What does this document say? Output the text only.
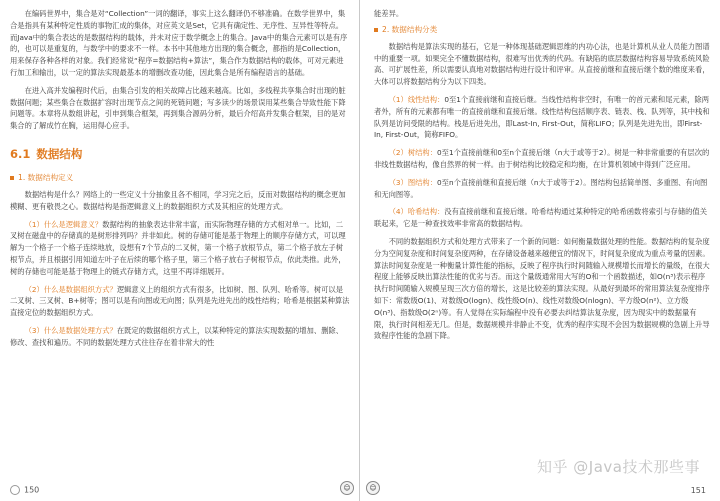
在编码世界中，集合是对“Collection”一词的翻译，事实上这么翻译仍不够准确。在数学世界中，集合是指具有某种特定性质的事物汇成的集体，对应英文是Set，它具有确定性、无序性、互异性等特点。而Java中的集合表达的是数据结构的载体，并未对应于数学概念上的集合。Java中的集合元素可以是有序的，也可以是重复的，与数学中的要求不一样。本书中其他地方出现的集合概念，都指的是Collection，用来保存各种各样的对象。我们经常说“程序=数据结构+算法”，集合作为数据结构的载体，可对元素进行加工和输出，以一定的算法实现最基本的增删改查功能，因此集合是所有编程语言的基础。

在进入高并发编程时代后，由集合引发的相关故障占比越来越高。比如，多线程共享集合时出现的脏数据问题；某些集合在数据扩容时出现节点之间的死链问题；写多读少的场景误用某些集合导致性能下降问题等。本章将从数组讲起，引申到集合框架，再到集合源码分析，最后介绍高并发集合框架，目的是对集合的了解成竹在胸，运用得心应手。

6.1 数据结构
1. 数据结构定义

数据结构是什么？网络上的一些定义十分抽象且各不相同，学习完之后，反而对数据结构的概念更加模糊、更有敬畏之心。数据结构是指逻辑意义上的数据组织方式及其相应的处理方式。

（1）什么是逻辑意义？数据结构的抽象表达非常丰富，而实际物理存储的方式相对单一。比如，二叉树在磁盘中的存储真的是树形排列吗？并非如此。树的存储可能是基于物理上的顺序存储方式，可以理解为一个格子一个格子连续地放，设想有7个节点的二叉树，第一个格子放根节点，第二个格子放左子树根节点，并且根据引用知道左叶子在后续的哪个格子里，第三个格子放右子树根节点，依此类推。此外，树的存储也可能是基于物理上的链式存储方式，这里不再详细展开。

（2）什么是数据组织方式？逻辑意义上的组织方式有很多，比如树、图、队列、哈希等。树可以是二叉树、三叉树、B+树等；图可以是有向图或无向图；队列是先进先出的线性结构；哈希是根据某种算法直接定位的数据组织方式。

（3）什么是数据处理方式？在既定的数据组织方式上，以某种特定的算法实现数据的增加、删除、修改、查找和遍历。不同的数据处理方式往往存在着非常大的性

能差异。

2. 数据结构分类

数据结构是算法实现的基石，它是一种体现基础逻辑思维的内功心法，也是计算机从业人员能力图谱中的重要一项。如果完全不懂数据结构，很难写出优秀的代码。有缺陷的底层数据结构容易导致系统风险高、可扩展性差，所以需要认真地对数据结构进行设计和评审。从直接前继和直接后继个数的维度来看，大体可以将数据结构分为以下四类。

（1）线性结构：0至1个直接前继和直接后继。当线性结构非空时，有唯一的首元素和尾元素，除两者外，所有的元素都有唯一的直接前继和直接后继。线性结构包括顺序表、链表、栈、队列等，其中栈和队列是访问受限的结构。栈是后进先出，即Last-In, First-Out，简称LIFO；队列是先进先出，即First-In, First-Out，简称FIFO。

（2）树结构：0至1个直接前继和0至n个直接后继（n大于或等于2）。树是一种非常重要的有层次的非线性数据结构，像自然界的树一样。由于树结构比较稳定和均衡，在计算机领域中得到广泛应用。

（3）图结构：0至n个直接前继和直接后继（n大于或等于2）。图结构包括简单图、多重图、有向图和无向图等。

（4）哈希结构：没有直接前继和直接后继。哈希结构通过某种特定的哈希函数将索引与存储的值关联起来，它是一种查找效率非常高的数据结构。

不同的数据组织方式和处理方式带来了一个新的问题：如何衡量数据处理的性能。数据结构的复杂度分为空间复杂度和时间复杂度两种，在存储设备越来越便宜的情况下，时间复杂度成为重点考量的因素。算法时间复杂度是一种衡量计算性能的指标，反映了程序执行时间随输入规模增长而增长的量级，在很大程度上能够反映出算法性能的优劣与否。而这个量级通常用大写的O和一个函数描述，如O(n³)表示程序执行时间随输入规模呈现三次方倍的增长，这是比较差的算法实现。从最好到最坏的常用算法复杂度排序如下：常数级O(1)、对数级O(logn)、线性级O(n)、线性对数级O(nlogn)、平方级O(n²)、立方级O(n³)、指数级O(2ⁿ)等。有人觉得在实际编程中没有必要去纠结算法复杂度，因为现实中的数据量有限，执行时间相差无几。但是，数据规模并非静止不变，优秀的程序实现不会因为数据规模的急剧上升导致程序性能的急剧下降。

150	☺	☺	151
知乎 @Java技术那些事
